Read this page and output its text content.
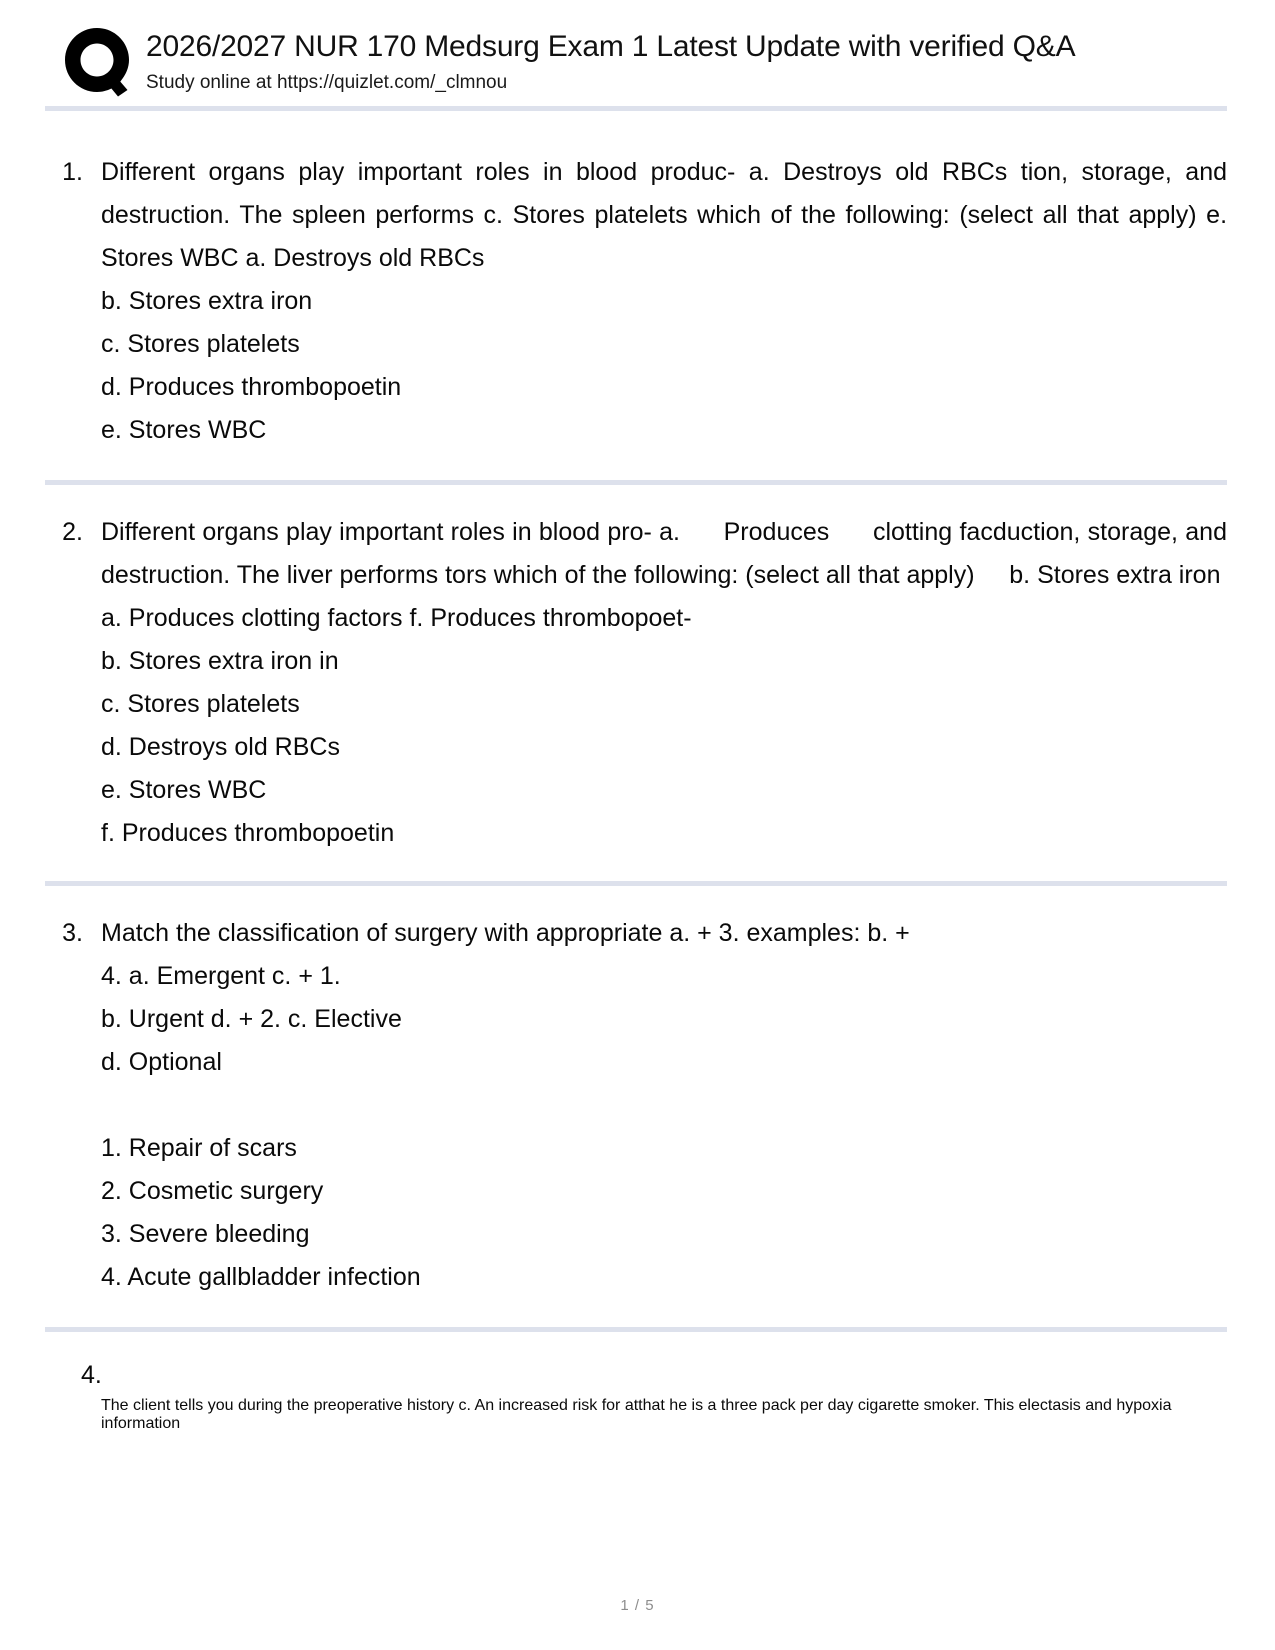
2026/2027 NUR 170 Medsurg Exam 1 Latest Update with verified Q&A
Study online at https://quizlet.com/_clmnou
1. Different organs play important roles in blood produc- a. Destroys old RBCs tion, storage, and destruction. The spleen performs c. Stores platelets which of the following: (select all that apply) e. Stores WBC a. Destroys old RBCs
b. Stores extra iron
c. Stores platelets
d. Produces thrombopoetin
e. Stores WBC
2. Different organs play important roles in blood pro- a.      Produces      clotting facduction, storage, and destruction. The liver performs tors which of the following: (select all that apply)     b. Stores extra iron
a. Produces clotting factors f. Produces thrombopoet-
b. Stores extra iron in
c. Stores platelets
d. Destroys old RBCs
e. Stores WBC
f. Produces thrombopoetin
3. Match the classification of surgery with appropriate a. + 3. examples: b. +
4. a. Emergent c. + 1.
b. Urgent d. + 2. c. Elective
d. Optional
1. Repair of scars
2. Cosmetic surgery
3. Severe bleeding
4. Acute gallbladder infection
4.
The client tells you during the preoperative history c. An increased risk for atthat he is a three pack per day cigarette smoker. This electasis and hypoxia information
1 / 5
